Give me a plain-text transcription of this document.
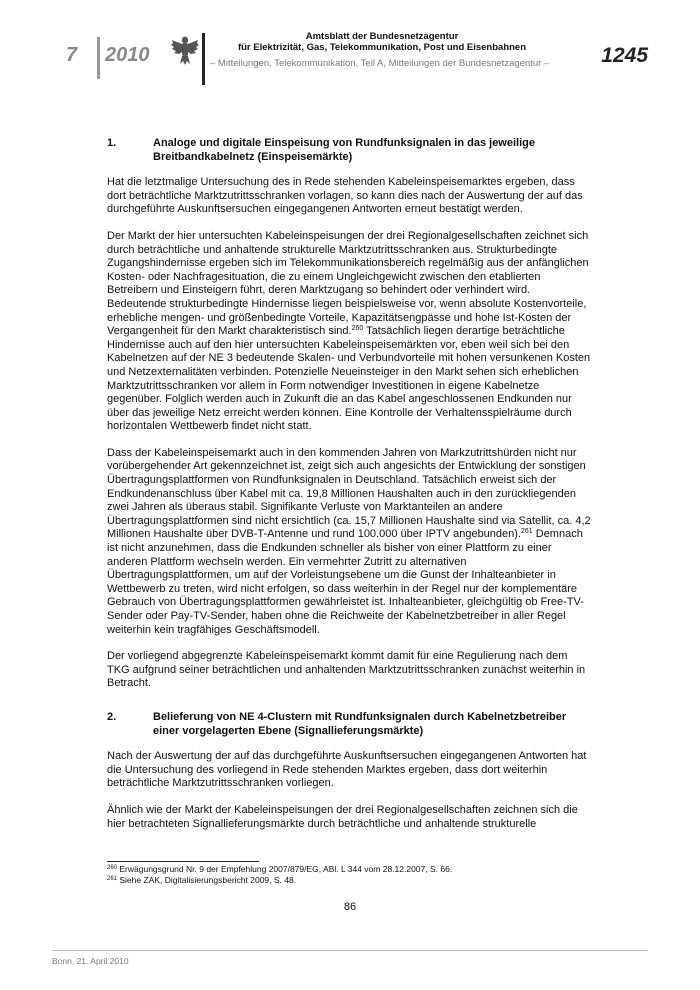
7 2010
Amtsblatt der Bundesnetzagentur
für Elektrizität, Gas, Telekommunikation, Post und Eisenbahnen
– Mitteilungen, Telekommunikation, Teil A, Mitteilungen der Bundesnetzagentur – 1245
1.	Analoge und digitale Einspeisung von Rundfunksignalen in das jeweilige Breitbandkabelnetz (Einspeisemärkte)

Hat die letztmalige Untersuchung des in Rede stehenden Kabeleinspeisemarktes ergeben, dass dort beträchtliche Marktzutrittsschranken vorlagen, so kann dies nach der Auswertung der auf das durchgeführte Auskunftsersuchen eingegangenen Antworten erneut bestätigt werden.

Der Markt der hier untersuchten Kabeleinspeisungen der drei Regionalgesellschaften zeichnet sich durch beträchtliche und anhaltende strukturelle Marktzutrittsschranken aus. Strukturbedingte Zugangshindernisse ergeben sich im Telekommunikationsbereich regelmäßig aus der anfänglichen Kosten- oder Nachfragesituation, die zu einem Ungleichgewicht zwischen den etablierten Betreibern und Einsteigern führt, deren Marktzugang so behindert oder verhindert wird. Bedeutende strukturbedingte Hindernisse liegen beispielsweise vor, wenn absolute Kostenvorteile, erhebliche mengen- und größenbedingte Vorteile, Kapazitätsengpässe und hohe Ist-Kosten der Vergangenheit für den Markt charakteristisch sind.$^{260}$ Tatsächlich liegen derartige beträchtliche Hindernisse auch auf den hier untersuchten Kabeleinspeisemärkten vor, eben weil sich bei den Kabelnetzen auf der NE 3 bedeutende Skalen- und Verbundvorteile mit hohen versunkenen Kosten und Netzexternalitäten verbinden. Potenzielle Neueinsteiger in den Markt sehen sich erheblichen Marktzutrittsschranken vor allem in Form notwendiger Investitionen in eigene Kabelnetze gegenüber. Folglich werden auch in Zukunft die an das Kabel angeschlossenen Endkunden nur über das jeweilige Netz erreicht werden können. Eine Kontrolle der Verhaltensspielräume durch horizontalen Wettbewerb findet nicht statt.

Dass der Kabeleinspeisemarkt auch in den kommenden Jahren von Markzutrittshürden nicht nur vorübergehender Art gekennzeichnet ist, zeigt sich auch angesichts der Entwicklung der sonstigen Übertragungsplattformen von Rundfunksignalen in Deutschland. Tatsächlich erweist sich der Endkundenanschluss über Kabel mit ca. 19,8 Millionen Haushalten auch in den zurückliegenden zwei Jahren als überaus stabil. Signifikante Verluste von Marktanteilen an andere Übertragungsplattformen sind nicht ersichtlich (ca. 15,7 Millionen Haushalte sind via Satellit, ca. 4,2 Millionen Haushalte über DVB-T-Antenne und rund 100.000 über IPTV angebunden).$^{261}$ Demnach ist nicht anzunehmen, dass die Endkunden schneller als bisher von einer Plattform zu einer anderen Plattform wechseln werden. Ein vermehrter Zutritt zu alternativen Übertragungsplattformen, um auf der Vorleistungsebene um die Gunst der Inhalteanbieter in Wettbewerb zu treten, wird nicht erfolgen, so dass weiterhin in der Regel nur der komplementäre Gebrauch von Übertragungsplattformen gewährleistet ist. Inhalteanbieter, gleichgültig ob Free-TV-Sender oder Pay-TV-Sender, haben ohne die Reichweite der Kabelnetzbetreiber in aller Regel weiterhin kein tragfähiges Geschäftsmodell.

Der vorliegend abgegrenzte Kabeleinspeisemarkt kommt damit für eine Regulierung nach dem TKG aufgrund seiner beträchtlichen und anhaltenden Marktzutrittsschranken zunächst weiterhin in Betracht.

2.	Belieferung von NE 4-Clustern mit Rundfunksignalen durch Kabelnetzbetreiber einer vorgelagerten Ebene (Signallieferungsmärkte)

Nach der Auswertung der auf das durchgeführte Auskunftsersuchen eingegangenen Antworten hat die Untersuchung des vorliegend in Rede stehenden Marktes ergeben, dass dort weiterhin beträchtliche Marktzutrittsschranken vorliegen.

Ähnlich wie der Markt der Kabeleinspeisungen der drei Regionalgesellschaften zeichnen sich die hier betrachteten Signallieferungsmärkte durch beträchtliche und anhaltende strukturelle

$^{260}$ Erwägungsgrund Nr. 9 der Empfehlung 2007/879/EG, ABl. L 344 vom 28.12.2007, S. 66.
$^{261}$ Siehe ZAK, Digitalisierungsbericht 2009, S. 48.
86
Bonn, 21. April 2010
